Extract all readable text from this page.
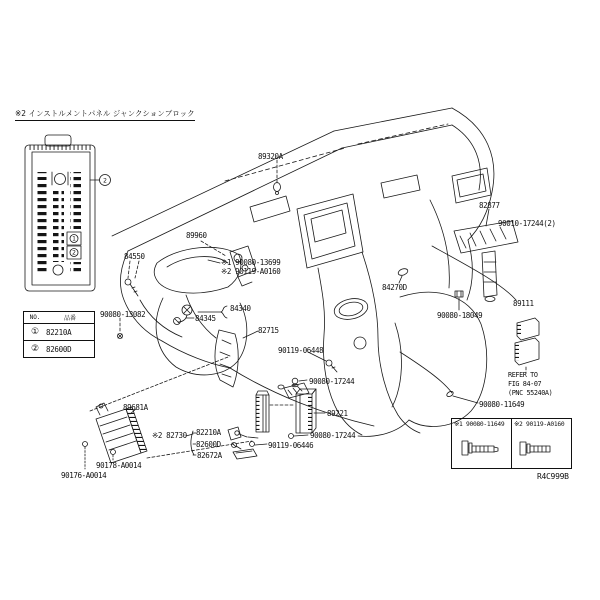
1
2
2
※2 インストルメントパネル ジャンクションブロック
NO.	品番
① 82210A
② 82600D
89320A
82877
90010-17244(2)
89960
84550
※1 90080-13699
※2 90119-A0160
84270D
90080-13082
84340
84345
82715
90119-06448
90080-17244
89221
90080-17244
90119-06446
89681A
90178-A0014
90176-A0014
※2 82730 82210A
82600D
82672A
89111
90080-18049
90080-11649
REFER TO
FIG 84-07
(PNC 55240A)
※1 90080-11649	※2 90119-A0160
R4C999B
